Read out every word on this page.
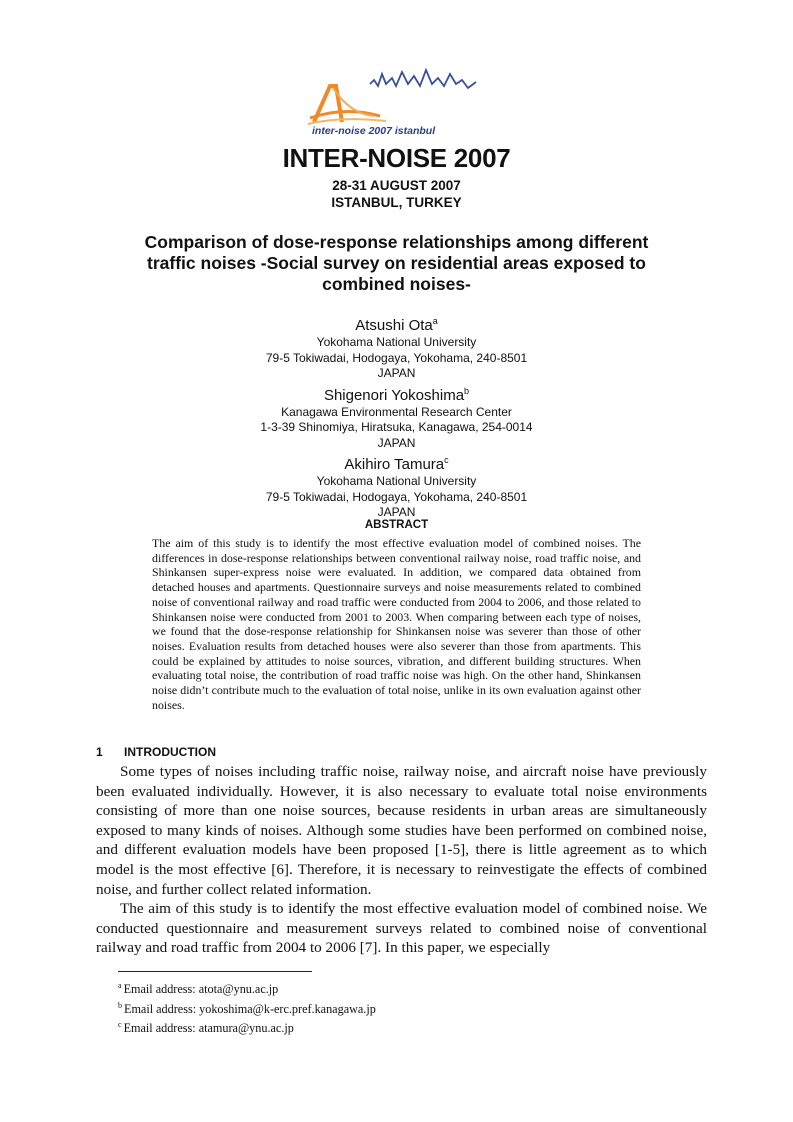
inter-noise 2007 istanbul
INTER-NOISE 2007
28-31 AUGUST 2007
ISTANBUL, TURKEY
Comparison of dose-response relationships among different
traffic noises -Social survey on residential areas exposed to
combined noises-
Atsushi Ota$^a$
Yokohama National University
79-5 Tokiwadai, Hodogaya, Yokohama, 240-8501
JAPAN
Shigenori Yokoshima$^b$
Kanagawa Environmental Research Center
1-3-39 Shinomiya, Hiratsuka, Kanagawa, 254-0014
JAPAN
Akihiro Tamura$^c$
Yokohama National University
79-5 Tokiwadai, Hodogaya, Yokohama, 240-8501
JAPAN
ABSTRACT
The aim of this study is to identify the most effective evaluation model of combined noises. The differences in dose-response relationships between conventional railway noise, road traffic noise, and Shinkansen super-express noise were evaluated. In addition, we compared data obtained from detached houses and apartments. Questionnaire surveys and noise measurements related to combined noise of conventional railway and road traffic were conducted from 2004 to 2006, and those related to Shinkansen noise were conducted from 2001 to 2003. When comparing between each type of noises, we found that the dose-response relationship for Shinkansen noise was severer than those of other noises. Evaluation results from detached houses were also severer than those from apartments. This could be explained by attitudes to noise sources, vibration, and different building structures. When evaluating total noise, the contribution of road traffic noise was high. On the other hand, Shinkansen noise didn’t contribute much to the evaluation of total noise, unlike in its own evaluation against other noises.
1 INTRODUCTION

Some types of noises including traffic noise, railway noise, and aircraft noise have previously been evaluated individually. However, it is also necessary to evaluate total noise environments consisting of more than one noise sources, because residents in urban areas are simultaneously exposed to many kinds of noises. Although some studies have been performed on combined noise, and different evaluation models have been proposed [1-5], there is little agreement as to which model is the most effective [6]. Therefore, it is necessary to reinvestigate the effects of combined noise, and further collect related information.

The aim of this study is to identify the most effective evaluation model of combined noise. We conducted questionnaire and measurement surveys related to combined noise of conventional railway and road traffic from 2004 to 2006 [7]. In this paper, we especially

$^a$ Email address: atota@ynu.ac.jp
$^b$ Email address: yokoshima@k-erc.pref.kanagawa.jp
$^c$ Email address: atamura@ynu.ac.jp
